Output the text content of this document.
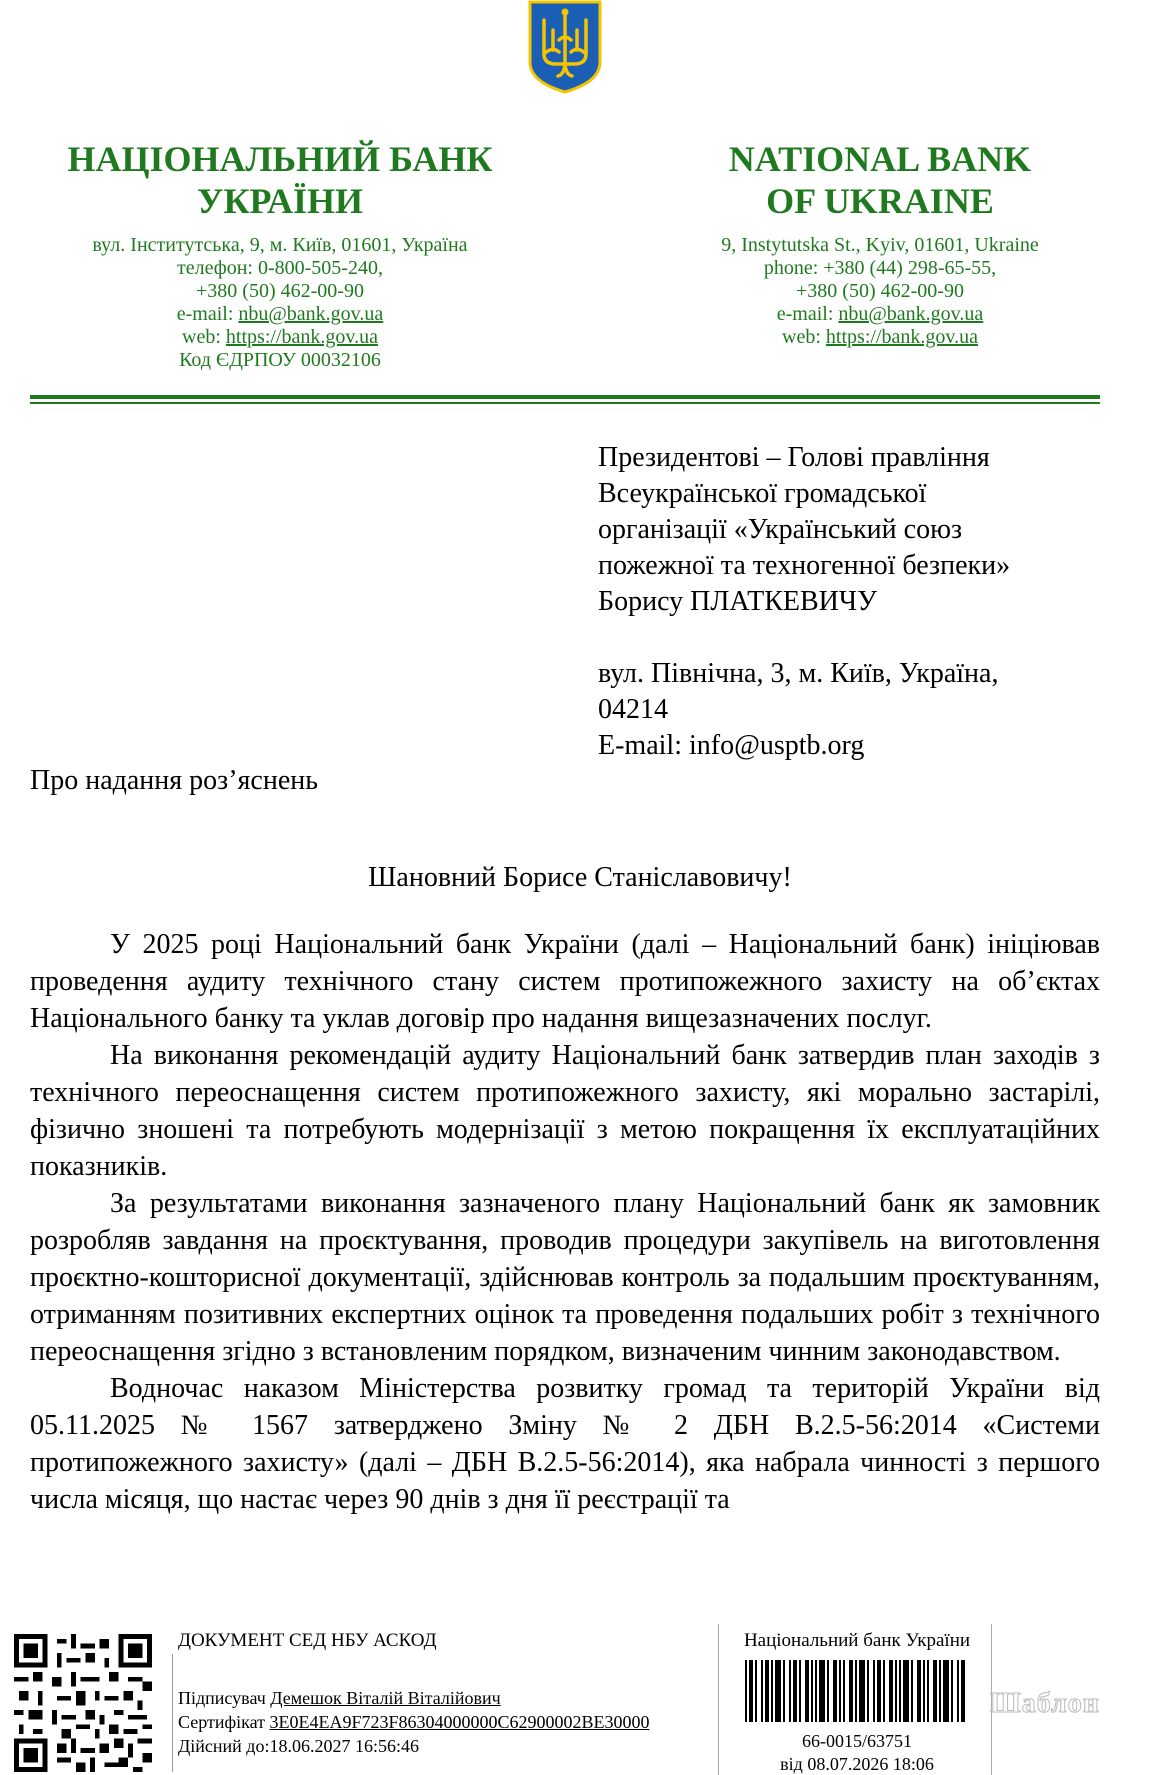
НАЦІОНАЛЬНИЙ БАНК
УКРАЇНИ
вул. Інститутська, 9, м. Київ, 01601, Україна
телефон: 0-800-505-240,
+380 (50) 462-00-90
e-mail: nbu@bank.gov.ua
web: https://bank.gov.ua
Код ЄДРПОУ 00032106
NATIONAL BANK
OF UKRAINE
9, Instytutska St., Kyiv, 01601, Ukraine
phone: +380 (44) 298-65-55,
+380 (50) 462-00-90
e-mail: nbu@bank.gov.ua
web: https://bank.gov.ua
Президентові – Голові правління
Всеукраїнської громадської
організації «Український союз
пожежної та техногенної безпеки»
Борису ПЛАТКЕВИЧУ
вул. Північна, 3, м. Київ, Україна,
04214
E-mail: info@usptb.org
Про надання роз’яснень
Шановний Борисе Станіславовичу!

У 2025 році Національний банк України (далі – Національний банк) ініціював проведення аудиту технічного стану систем протипожежного захисту на об’єктах Національного банку та уклав договір про надання вищезазначених послуг.

На виконання рекомендацій аудиту Національний банк затвердив план заходів з технічного переоснащення систем протипожежного захисту, які морально застарілі, фізично зношені та потребують модернізації з метою покращення їх експлуатаційних показників.

За результатами виконання зазначеного плану Національний банк як замовник розробляв завдання на проєктування, проводив процедури закупівель на виготовлення проєктно-кошторисної документації, здійснював контроль за подальшим проєктуванням, отриманням позитивних експертних оцінок та проведення подальших робіт з технічного переоснащення згідно з встановленим порядком, визначеним чинним законодавством.

Водночас наказом Міністерства розвитку громад та територій України від 05.11.2025 № 1567 затверджено Зміну № 2 ДБН В.2.5-56:2014 «Системи протипожежного захисту» (далі – ДБН В.2.5-56:2014), яка набрала чинності з першого числа місяця, що настає через 90 днів з дня її реєстрації та

ДОКУМЕНТ СЕД НБУ АСКОД
Підписувач Демешок Віталій Віталійович
Сертифікат 3E0E4EA9F723F86304000000C62900002BE30000
Дійсний до:18.06.2027 16:56:46
Національний банк України
66-0015/63751
від 08.07.2026 18:06
Шаблон
